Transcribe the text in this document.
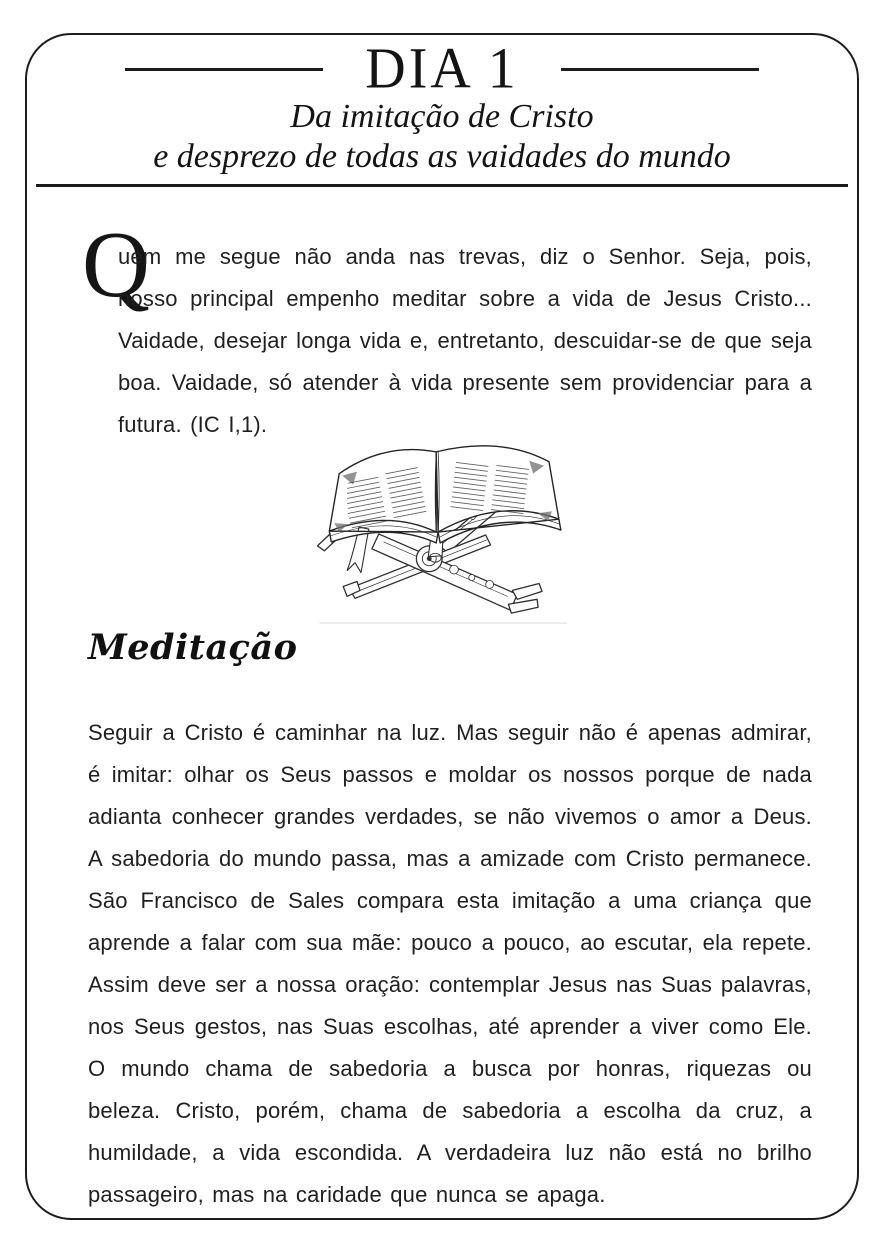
DIA 1
Da imitação de Cristo
e desprezo de todas as vaidades do mundo
Q

uem me segue não anda nas trevas, diz o Senhor. Seja, pois, nosso principal empenho meditar sobre a vida de Jesus Cristo... Vaidade, desejar longa vida e, entretanto, descuidar-se de que seja boa. Vaidade, só atender à vida presente sem providenciar para a futura. (IC I,1).

Meditação

Seguir a Cristo é caminhar na luz. Mas seguir não é apenas admirar, é imitar: olhar os Seus passos e moldar os nossos porque de nada adianta conhecer grandes verdades, se não vivemos o amor a Deus. A sabedoria do mundo passa, mas a amizade com Cristo permanece. São Francisco de Sales compara esta imitação a uma criança que aprende a falar com sua mãe: pouco a pouco, ao escutar, ela repete. Assim deve ser a nossa oração: contemplar Jesus nas Suas palavras, nos Seus gestos, nas Suas escolhas, até aprender a viver como Ele. O mundo chama de sabedoria a busca por honras, riquezas ou beleza. Cristo, porém, chama de sabedoria a escolha da cruz, a humildade, a vida escondida. A verdadeira luz não está no brilho passageiro, mas na caridade que nunca se apaga.
